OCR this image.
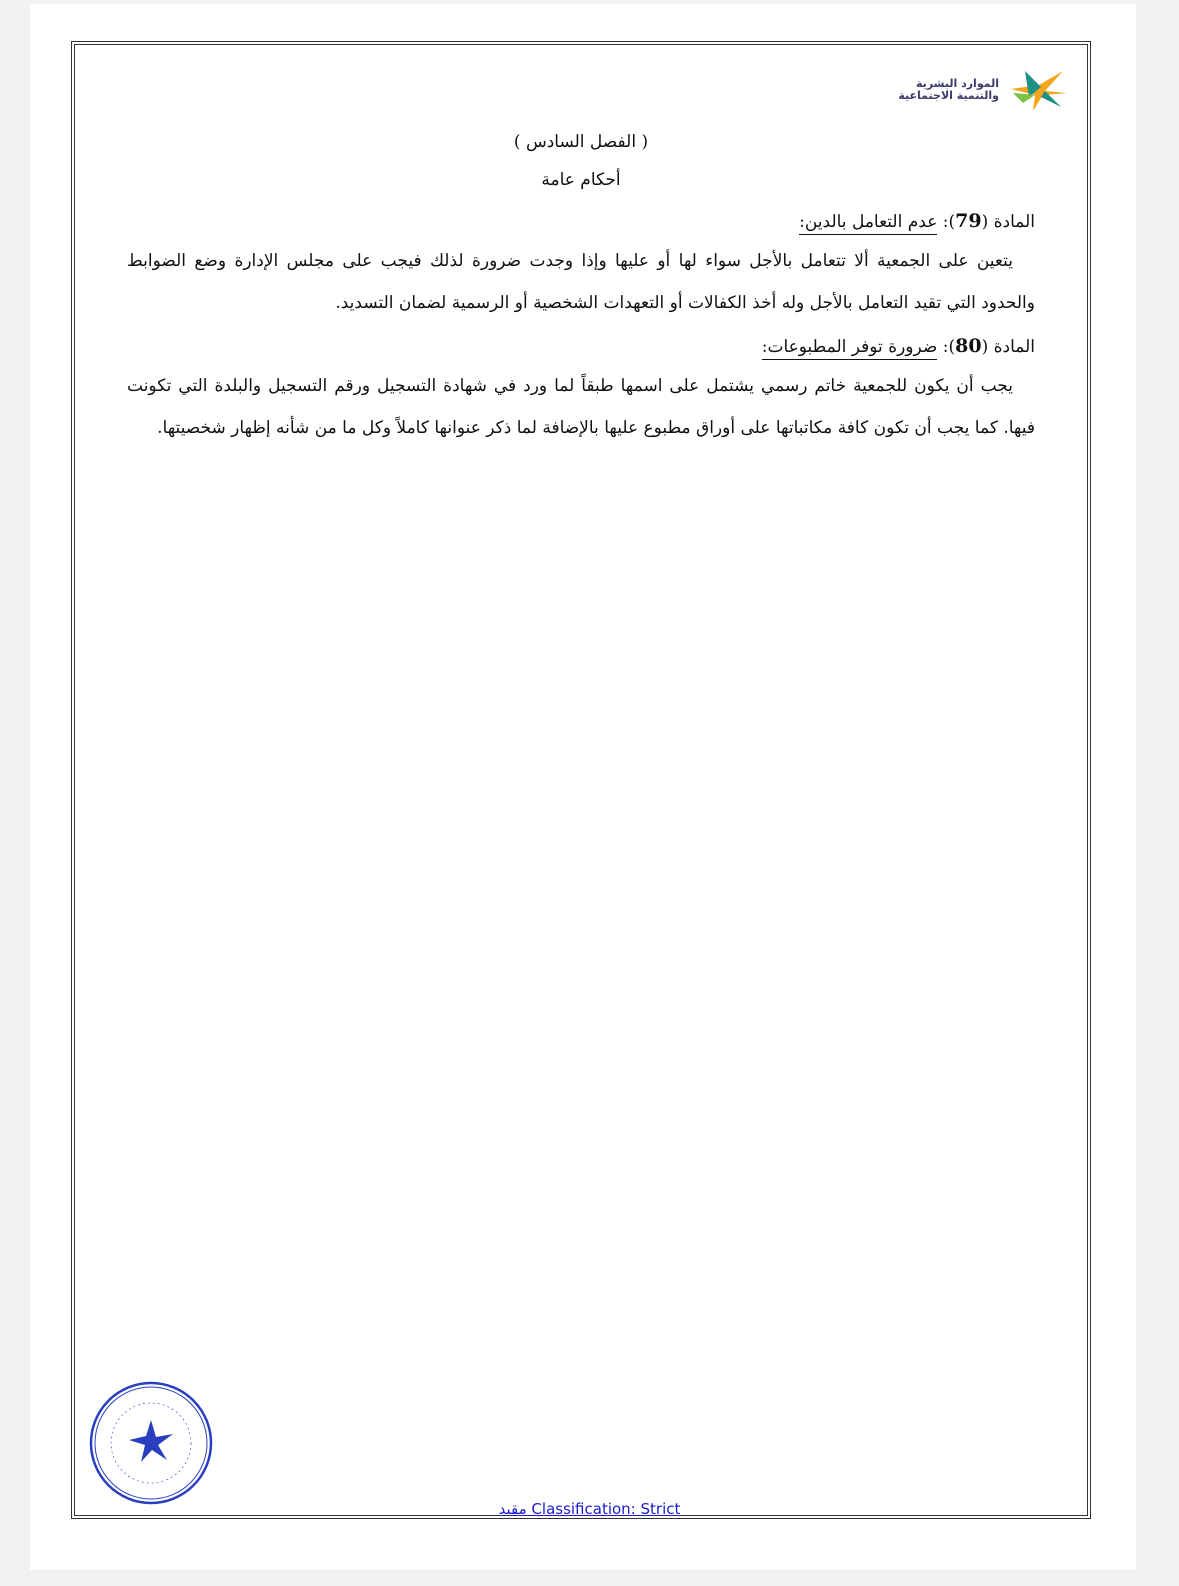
الموارد البشرية
والتنمية الاجتماعية
( الفصل السادس )
أحكام عامة
المادة (79): عدم التعامل بالدين:

يتعين على الجمعية ألا تتعامل بالأجل سواء لها أو عليها وإذا وجدت ضرورة لذلك فيجب على مجلس الإدارة وضع الضوابط والحدود التي تقيد التعامل بالأجل وله أخذ الكفالات أو التعهدات الشخصية أو الرسمية لضمان التسديد.

المادة (80): ضرورة توفر المطبوعات:

يجب أن يكون للجمعية خاتم رسمي يشتمل على اسمها طبقاً لما ورد في شهادة التسجيل ورقم التسجيل والبلدة التي تكونت فيها. كما يجب أن تكون كافة مكاتباتها على أوراق مطبوع عليها بالإضافة لما ذكر عنوانها كاملاً وكل ما من شأنه إظهار شخصيتها.

مقيد Classification: Strict
